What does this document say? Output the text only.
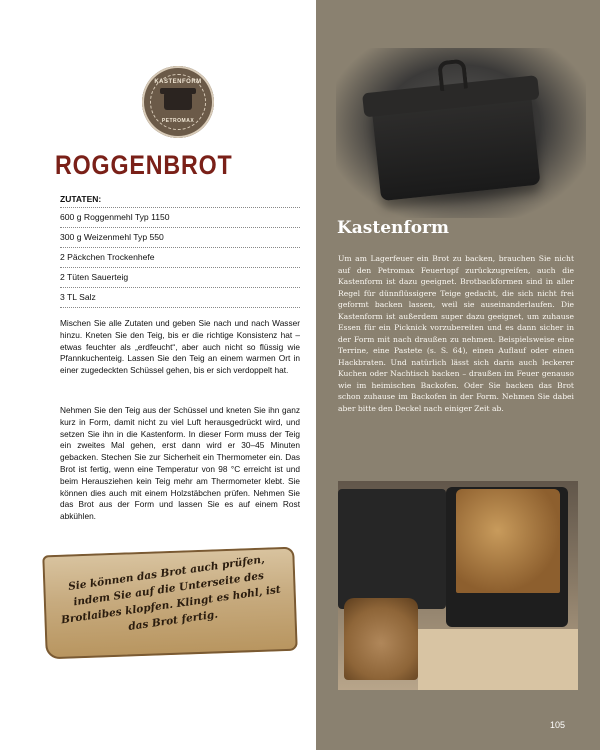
KASTENFORM
PETROMAX
ROGGENBROT
ZUTATEN:
600 g Roggenmehl Typ 1150
300 g Weizenmehl Typ 550
2 Päckchen Trockenhefe
2 Tüten Sauerteig
3 TL Salz

Mischen Sie alle Zutaten und geben Sie nach und nach Wasser hinzu. Kneten Sie den Teig, bis er die richtige Konsistenz hat – etwas feuchter als „erdfeucht“, aber auch nicht so flüssig wie Pfannkuchenteig. Lassen Sie den Teig an einem warmen Ort in einer zugedeckten Schüssel gehen, bis er sich verdoppelt hat.

Nehmen Sie den Teig aus der Schüssel und kneten Sie ihn ganz kurz in Form, damit nicht zu viel Luft herausgedrückt wird, und setzen Sie ihn in die Kastenform. In dieser Form muss der Teig ein zweites Mal gehen, erst dann wird er 30–45 Minuten gebacken. Stechen Sie zur Sicherheit ein Thermometer ein. Das Brot ist fertig, wenn eine Temperatur von 98 °C erreicht ist und beim Herausziehen kein Teig mehr am Thermometer klebt. Sie können dies auch mit einem Holzstäbchen prüfen. Nehmen Sie das Brot aus der Form und lassen Sie es auf einem Rost abkühlen.

Sie können das Brot auch prüfen, indem Sie auf die Unterseite des Brotlaibes klopfen. Klingt es hohl, ist das Brot fertig.
Kastenform

Um am Lagerfeuer ein Brot zu backen, brauchen Sie nicht auf den Petromax Feuertopf zurückzugreifen, auch die Kastenform ist dazu geeignet. Brotbackformen sind in aller Regel für dünnflüssigere Teige gedacht, die sich nicht frei geformt backen lassen, weil sie auseinanderlaufen. Die Kastenform ist außerdem super dazu geeignet, um zuhause Essen für ein Picknick vorzubereiten und es dann sicher in der Form mit nach draußen zu nehmen. Beispielsweise eine Terrine, eine Pastete (s. S. 64), einen Auflauf oder einen Hackbraten. Und natürlich lässt sich darin auch leckerer Kuchen oder Nachtisch backen – draußen im Feuer genauso wie im heimischen Backofen. Oder Sie backen das Brot schon zuhause im Backofen in der Form. Nehmen Sie dabei aber bitte den Deckel nach einiger Zeit ab.

105
